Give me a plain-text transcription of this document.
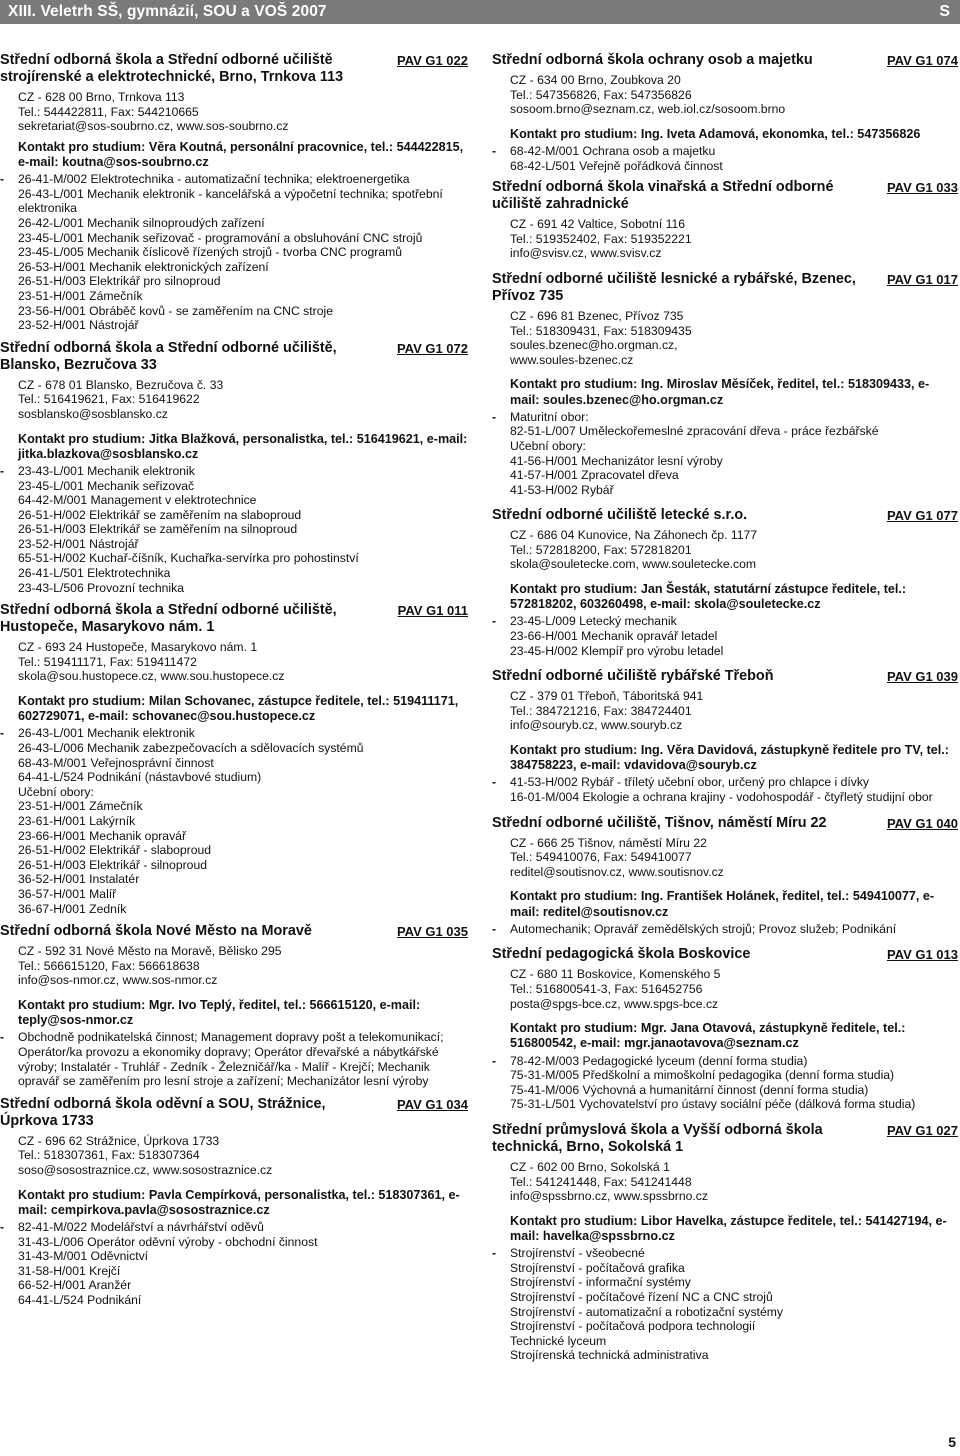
XIII. Veletrh SŠ, gymnázií, SOU a VOŠ 2007	S
Střední odborná škola a Střední odborné učiliště strojírenské a elektrotechnické, Brno, Trnkova 113
PAV G1 022
CZ - 628 00 Brno, Trnkova 113
Tel.: 544422811, Fax: 544210665
sekretariat@sos-soubrno.cz, www.sos-soubrno.cz
Kontakt pro studium: Věra Koutná, personální pracovnice, tel.: 544422815, e-mail: koutna@sos-soubrno.cz
- 26-41-M/002 Elektrotechnika - automatizační technika; elektroenergetika
26-43-L/001 Mechanik elektronik - kancelářská a výpočetní technika; spotřební elektronika
26-42-L/001 Mechanik silnoproudých zařízení
23-45-L/001 Mechanik seřizovač - programování a obsluhování CNC strojů
23-45-L/005 Mechanik číslicově řízených strojů - tvorba CNC programů
26-53-H/001 Mechanik elektronických zařízení
26-51-H/003 Elektrikář pro silnoproud
23-51-H/001 Zámečník
23-56-H/001 Obráběč kovů - se zaměřením na CNC stroje
23-52-H/001 Nástrojář
Střední odborná škola a Střední odborné učiliště, Blansko, Bezručova 33
PAV G1 072
CZ - 678 01 Blansko, Bezručova č. 33
Tel.: 516419621, Fax: 516419622
sosblansko@sosblansko.cz
Kontakt pro studium: Jitka Blažková, personalistka, tel.: 516419621, e-mail: jitka.blazkova@sosblansko.cz
- 23-43-L/001 Mechanik elektronik
23-45-L/001 Mechanik seřizovač
64-42-M/001 Management v elektrotechnice
26-51-H/002 Elektrikář se zaměřením na slaboproud
26-51-H/003 Elektrikář se zaměřením na silnoproud
23-52-H/001 Nástrojář
65-51-H/002 Kuchař-číšník, Kuchařka-servírka pro pohostinství
26-41-L/501 Elektrotechnika
23-43-L/506 Provozní technika
Střední odborná škola a Střední odborné učiliště, Hustopeče, Masarykovo nám. 1
PAV G1 011
CZ - 693 24 Hustopeče, Masarykovo nám. 1
Tel.: 519411171, Fax: 519411472
skola@sou.hustopece.cz, www.sou.hustopece.cz
Kontakt pro studium: Milan Schovanec, zástupce ředitele, tel.: 519411171, 602729071, e-mail: schovanec@sou.hustopece.cz
- 26-43-L/001 Mechanik elektronik
26-43-L/006 Mechanik zabezpečovacích a sdělovacích systémů
68-43-M/001 Veřejnosprávní činnost
64-41-L/524 Podnikání (nástavbové studium)
Učební obory:
23-51-H/001 Zámečník
23-61-H/001 Lakýrník
23-66-H/001 Mechanik opravář
26-51-H/002 Elektrikář - slaboproud
26-51-H/003 Elektrikář - silnoproud
36-52-H/001 Instalatér
36-57-H/001 Malíř
36-67-H/001 Zedník
Střední odborná škola Nové Město na Moravě	PAV G1 035
CZ - 592 31 Nové Město na Moravě, Bělisko 295
Tel.: 566615120, Fax: 566618638
info@sos-nmor.cz, www.sos-nmor.cz
Kontakt pro studium: Mgr. Ivo Teplý, ředitel, tel.: 566615120, e-mail: teply@sos-nmor.cz
- Obchodně podnikatelská činnost; Management dopravy pošt a telekomunikací; Operátor/ka provozu a ekonomiky dopravy; Operátor dřevařské a nábytkářské výroby; Instalatér - Truhlář - Zedník - Železničář/ka - Malíř - Krejčí; Mechanik opravář se zaměřením pro lesní stroje a zařízení; Mechanizátor lesní výroby
Střední odborná škola oděvní a SOU, Strážnice, Úprkova 1733
PAV G1 034
CZ - 696 62 Strážnice, Úprkova 1733
Tel.: 518307361, Fax: 518307364
soso@sosostraznice.cz, www.sosostraznice.cz
Kontakt pro studium: Pavla Cempírková, personalistka, tel.: 518307361, e-mail: cempirkova.pavla@sosostraznice.cz
- 82-41-M/022 Modelářství a návrhářství oděvů
31-43-L/006 Operátor oděvní výroby - obchodní činnost
31-43-M/001 Oděvnictví
31-58-H/001 Krejčí
66-52-H/001 Aranžér
64-41-L/524 Podnikání
Střední odborná škola ochrany osob a majetku	PAV G1 074
CZ - 634 00 Brno, Zoubkova 20
Tel.: 547356826, Fax: 547356826
sosoom.brno@seznam.cz, web.iol.cz/sosoom.brno
Kontakt pro studium: Ing. Iveta Adamová, ekonomka, tel.: 547356826
- 68-42-M/001 Ochrana osob a majetku
68-42-L/501 Veřejně pořádková činnost
Střední odborná škola vinařská a Střední odborné učiliště zahradnické
PAV G1 033
CZ - 691 42 Valtice, Sobotní 116
Tel.: 519352402, Fax: 519352221
info@svisv.cz, www.svisv.cz
Střední odborné učiliště lesnické a rybářské, Bzenec, Přívoz 735
PAV G1 017
CZ - 696 81 Bzenec, Přívoz 735
Tel.: 518309431, Fax: 518309435
soules.bzenec@ho.orgman.cz,
www.soules-bzenec.cz
Kontakt pro studium: Ing. Miroslav Měsíček, ředitel, tel.: 518309433, e-mail: soules.bzenec@ho.orgman.cz
- Maturitní obor:
82-51-L/007 Uměleckořemeslné zpracování dřeva - práce řezbářské
Učební obory:
41-56-H/001 Mechanizátor lesní výroby
41-57-H/001 Zpracovatel dřeva
41-53-H/002 Rybář
Střední odborné učiliště letecké s.r.o.	PAV G1 077
CZ - 686 04 Kunovice, Na Záhonech čp. 1177
Tel.: 572818200, Fax: 572818201
skola@souletecke.com, www.souletecke.com
Kontakt pro studium: Jan Šesták, statutární zástupce ředitele, tel.: 572818202, 603260498, e-mail: skola@souletecke.cz
- 23-45-L/009 Letecký mechanik
23-66-H/001 Mechanik opravář letadel
23-45-H/002 Klempíř pro výrobu letadel
Střední odborné učiliště rybářské Třeboň	PAV G1 039
CZ - 379 01 Třeboň, Táboritská 941
Tel.: 384721216, Fax: 384724401
info@souryb.cz, www.souryb.cz
Kontakt pro studium: Ing. Věra Davidová, zástupkyně ředitele pro TV, tel.: 384758223, e-mail: vdavidova@souryb.cz
- 41-53-H/002 Rybář - tříletý učební obor, určený pro chlapce i dívky
16-01-M/004 Ekologie a ochrana krajiny - vodohospodář - čtyřletý studijní obor
Střední odborné učiliště, Tišnov, náměstí Míru 22	PAV G1 040
CZ - 666 25 Tišnov, náměstí Míru 22
Tel.: 549410076, Fax: 549410077
reditel@soutisnov.cz, www.soutisnov.cz
Kontakt pro studium: Ing. František Holánek, ředitel, tel.: 549410077, e-mail: reditel@soutisnov.cz
- Automechanik; Opravář zemědělských strojů; Provoz služeb; Podnikání
Střední pedagogická škola Boskovice	PAV G1 013
CZ - 680 11 Boskovice, Komenského 5
Tel.: 516800541-3, Fax: 516452756
posta@spgs-bce.cz, www.spgs-bce.cz
Kontakt pro studium: Mgr. Jana Otavová, zástupkyně ředitele, tel.: 516800542, e-mail: mgr.janaotavova@seznam.cz
- 78-42-M/003 Pedagogické lyceum (denní forma studia)
75-31-M/005 Předškolní a mimoškolní pedagogika (denní forma studia)
75-41-M/006 Výchovná a humanitární činnost (denní forma studia)
75-31-L/501 Vychovatelství pro ústavy sociální péče (dálková forma studia)
Střední průmyslová škola a Vyšší odborná škola technická, Brno, Sokolská 1
PAV G1 027
CZ - 602 00 Brno, Sokolská 1
Tel.: 541241448, Fax: 541241448
info@spssbrno.cz, www.spssbrno.cz
Kontakt pro studium: Libor Havelka, zástupce ředitele, tel.: 541427194, e-mail: havelka@spssbrno.cz
- Strojírenství - všeobecné
Strojírenství - počítačová grafika
Strojírenství - informační systémy
Strojírenství - počítačové řízení NC a CNC strojů
Strojírenství - automatizační a robotizační systémy
Strojírenství - počítačová podpora technologií
Technické lyceum
Strojírenská technická administrativa
5
